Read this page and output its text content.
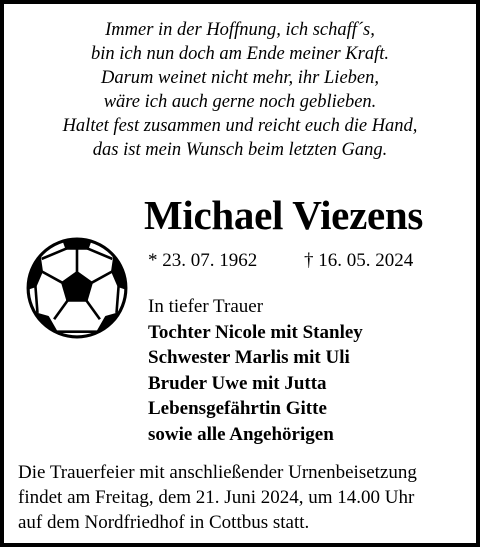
Immer in der Hoffnung, ich schaff´s,
bin ich nun doch am Ende meiner Kraft.
Darum weinet nicht mehr, ihr Lieben,
wäre ich auch gerne noch geblieben.
Haltet fest zusammen und reicht euch die Hand,
das ist mein Wunsch beim letzten Gang.
Michael Viezens
* 23. 07. 1962 † 16. 05. 2024
In tiefer Trauer
Tochter Nicole mit Stanley
Schwester Marlis mit Uli
Bruder Uwe mit Jutta
Lebensgefährtin Gitte
sowie alle Angehörigen
Die Trauerfeier mit anschließender Urnenbeisetzung
findet am Freitag, dem 21. Juni 2024, um 14.00 Uhr
auf dem Nordfriedhof in Cottbus statt.
